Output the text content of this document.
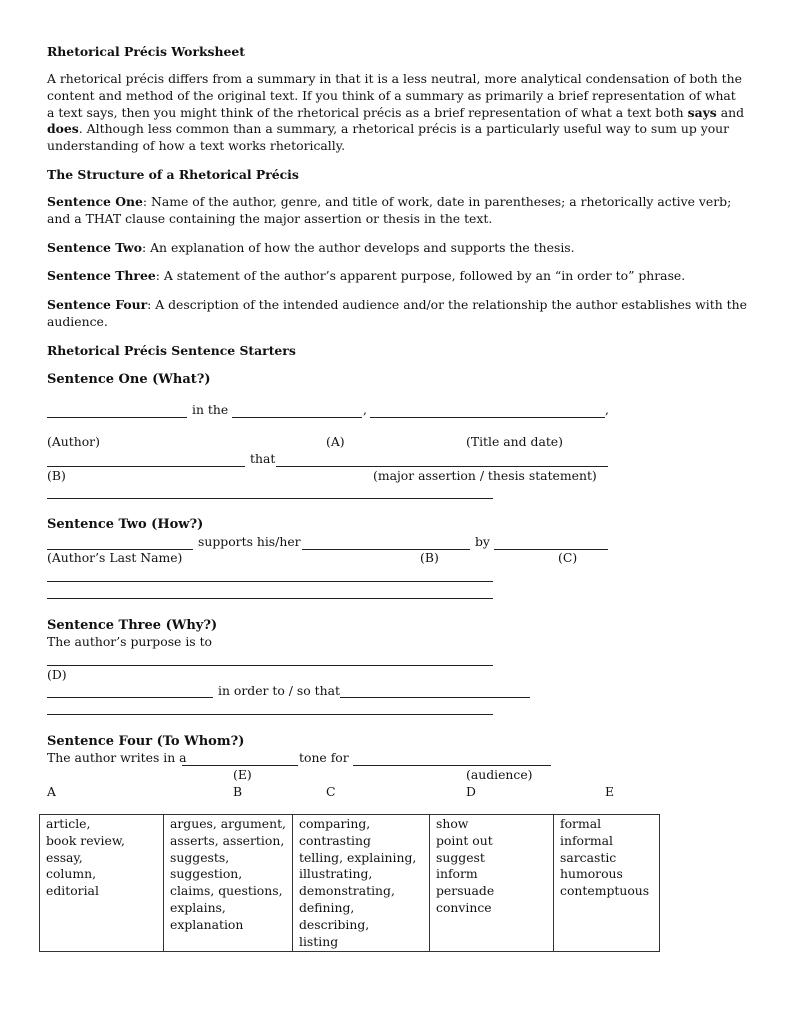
Rhetorical Précis Worksheet

A rhetorical précis differs from a summary in that it is a less neutral, more analytical condensation of both the content and method of the original text. If you think of a summary as primarily a brief representation of what a text says, then you might think of the rhetorical précis as a brief representation of what a text both says and does. Although less common than a summary, a rhetorical précis is a particularly useful way to sum up your understanding of how a text works rhetorically.

The Structure of a Rhetorical Précis

Sentence One: Name of the author, genre, and title of work, date in parentheses; a rhetorically active verb; and a THAT clause containing the major assertion or thesis in the text.

Sentence Two: An explanation of how the author develops and supports the thesis.

Sentence Three: A statement of the author’s apparent purpose, followed by an “in order to” phrase.

Sentence Four: A description of the intended audience and/or the relationship the author establishes with the audience.

Rhetorical Précis Sentence Starters
Sentence One (What?)
in the	,	,
(Author)	(A)	(Title and date)
that
(B)	(major assertion / thesis statement)
Sentence Two (How?)
supports his/her	by
(Author’s Last Name)	(B)	(C)
Sentence Three (Why?)
The author’s purpose is to
(D)
in order to / so that
Sentence Four (To Whom?)
The author writes in a	tone for
(E)	(audience)
A	B	C	D	E
article,
book review,
essay,
column,
editorial

argues, argument,
asserts, assertion,
suggests,
suggestion,
claims, questions,
explains,
explanation

comparing,
contrasting
telling, explaining,
illustrating,
demonstrating,
defining, describing,
listing

show
point out
suggest
inform
persuade
convince

formal
informal
sarcastic
humorous
contemptuous
